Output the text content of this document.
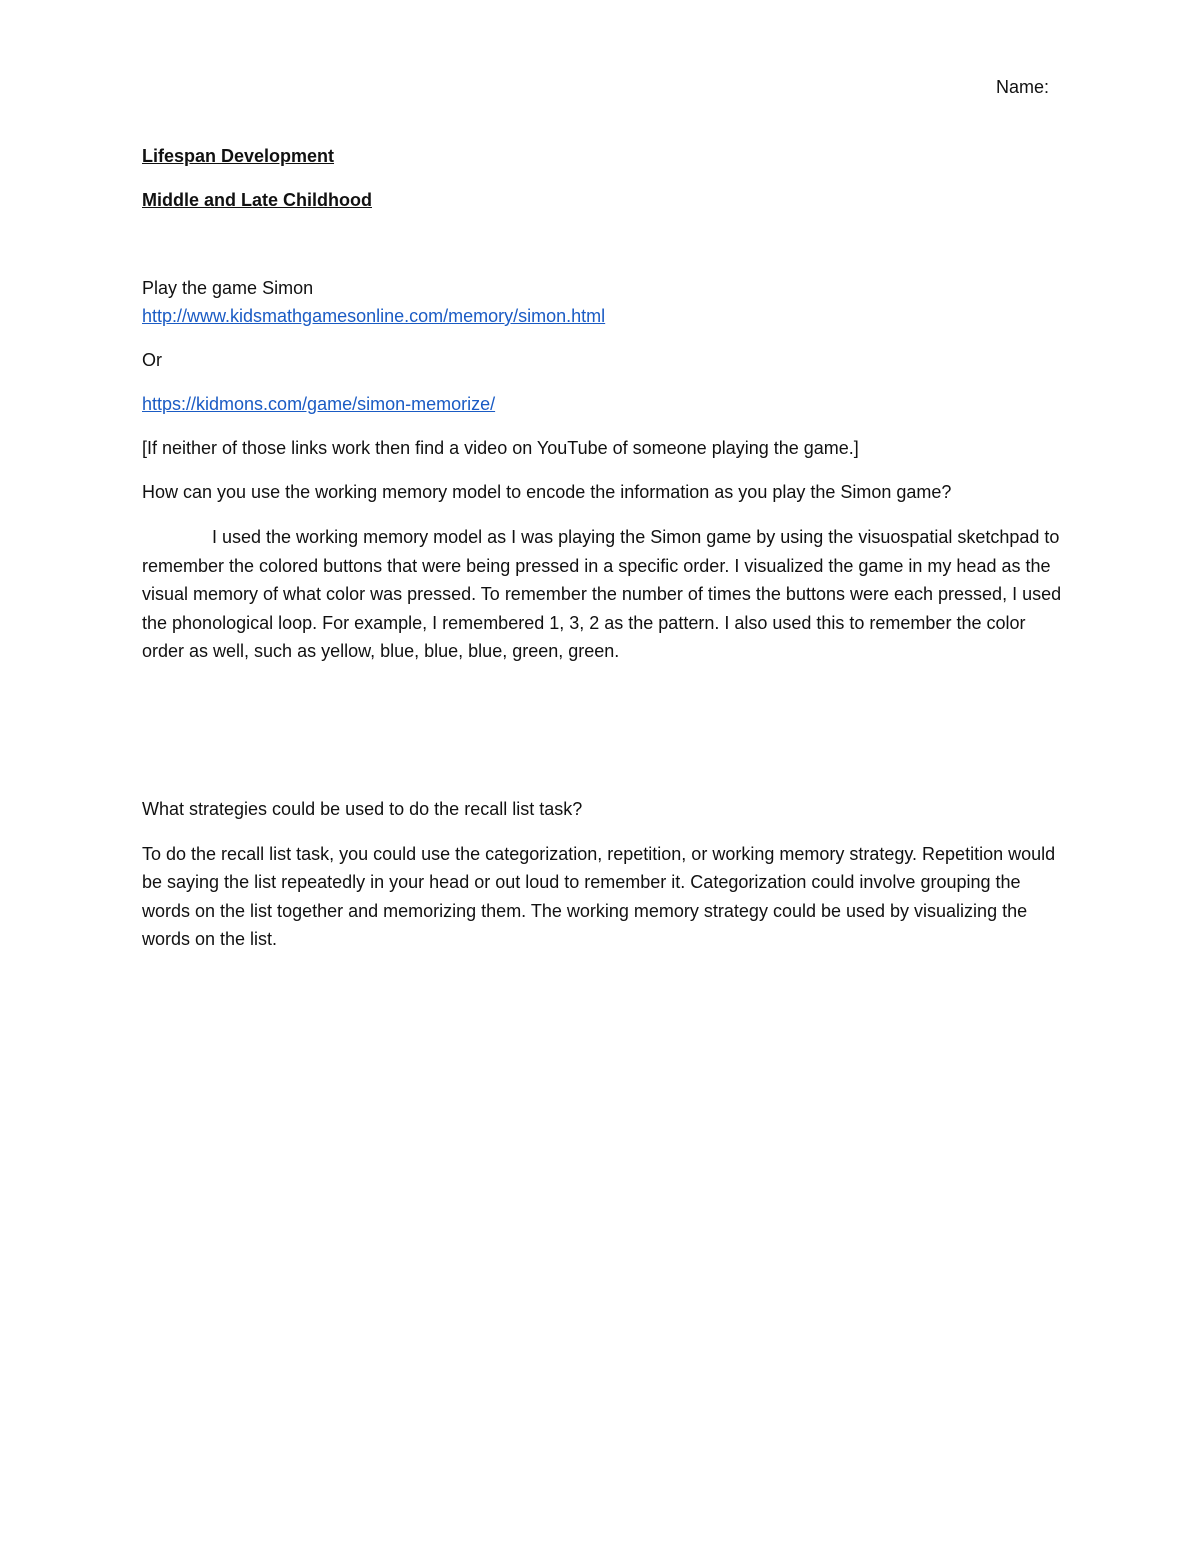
Name:

Lifespan Development

Middle and Late Childhood

Play the game Simon

http://www.kidsmathgamesonline.com/memory/simon.html

Or

https://kidmons.com/game/simon-memorize/

[If neither of those links work then find a video on YouTube of someone playing the game.]

How can you use the working memory model to encode the information as you play the Simon game?

I used the working memory model as I was playing the Simon game by using the visuospatial sketchpad to remember the colored buttons that were being pressed in a specific order. I visualized the game in my head as the visual memory of what color was pressed. To remember the number of times the buttons were each pressed, I used the phonological loop. For example, I remembered 1, 3, 2 as the pattern. I also used this to remember the color order as well, such as yellow, blue, blue, blue, green, green.

What strategies could be used to do the recall list task?

To do the recall list task, you could use the categorization, repetition, or working memory strategy. Repetition would be saying the list repeatedly in your head or out loud to remember it. Categorization could involve grouping the words on the list together and memorizing them. The working memory strategy could be used by visualizing the words on the list.
